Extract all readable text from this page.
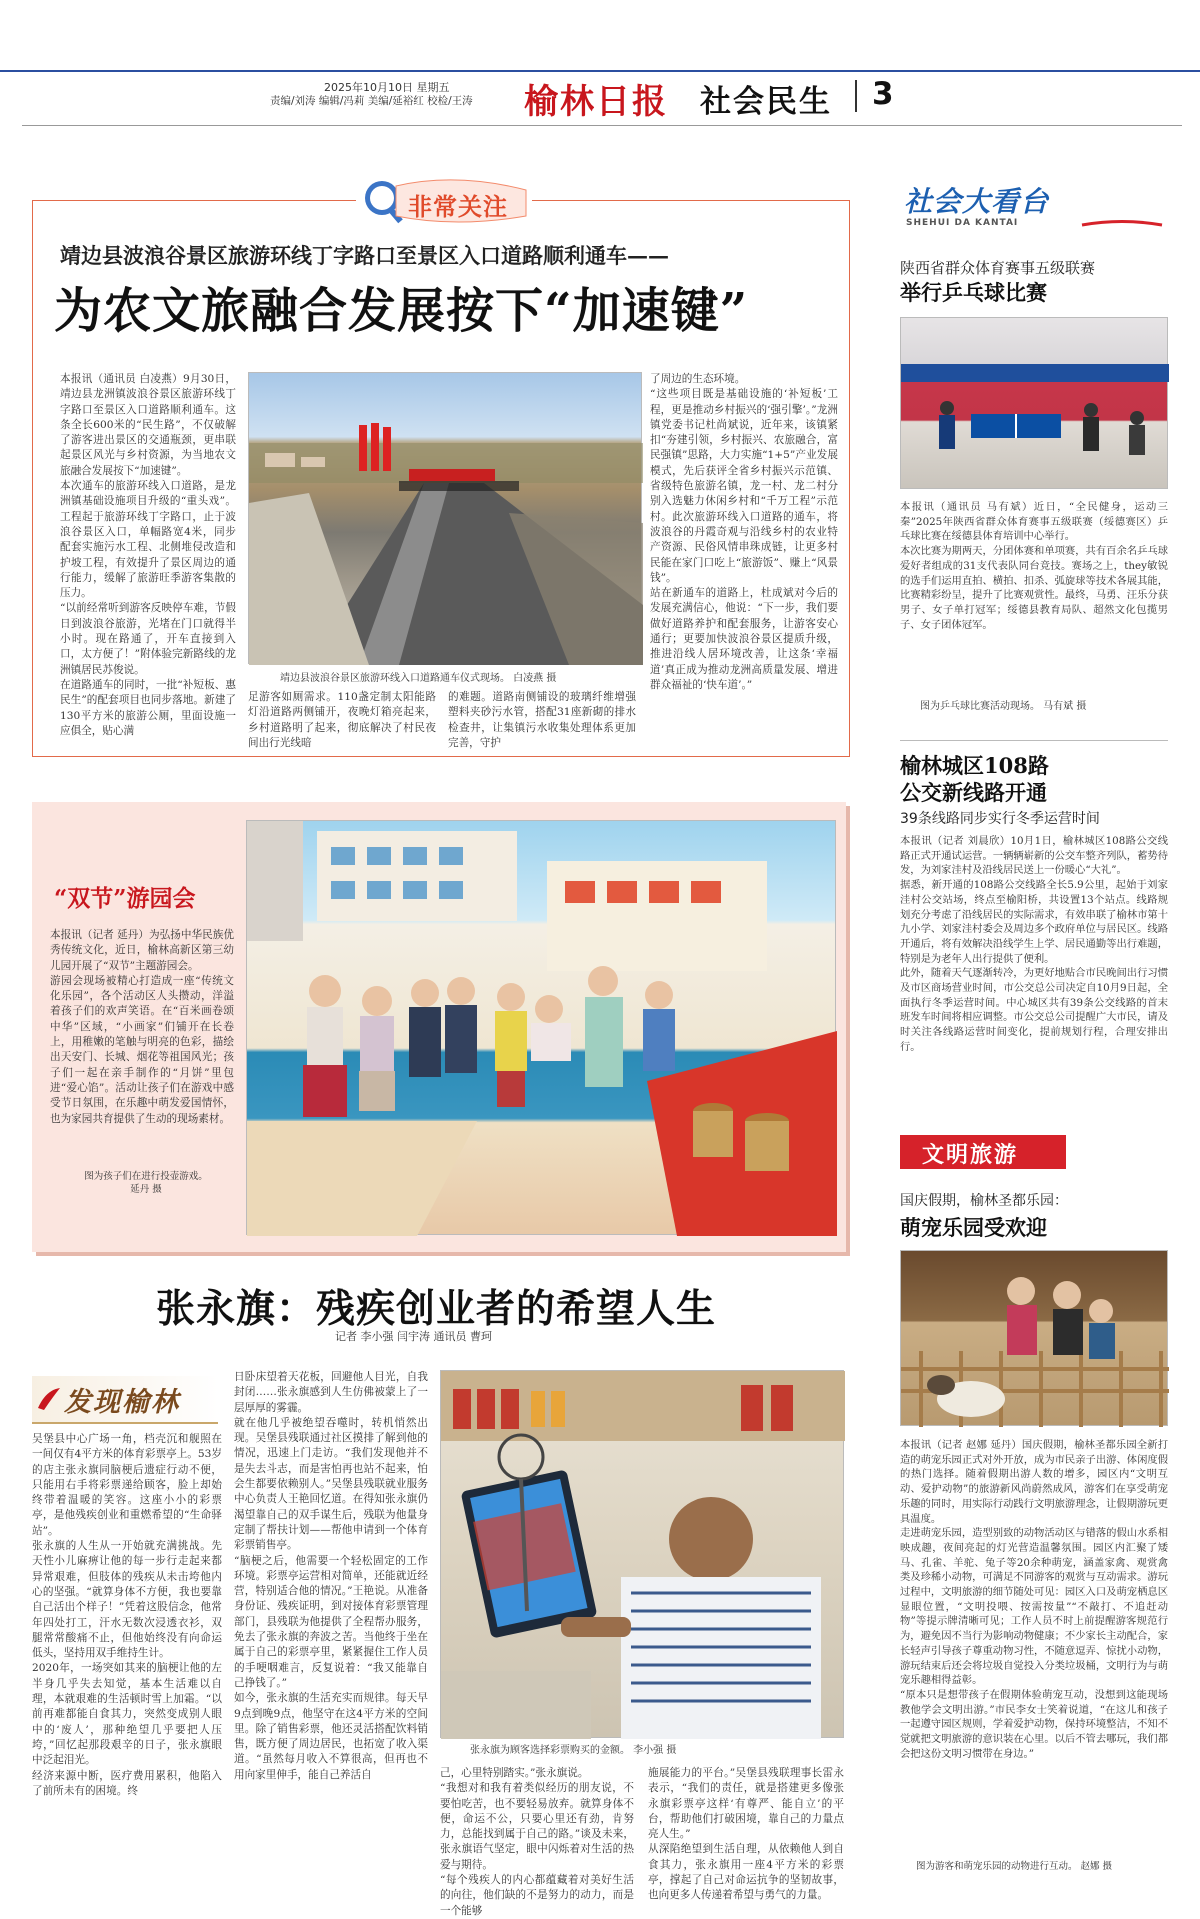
2025年10月10日 星期五
责编/刘涛 编辑/冯莉 美编/延裕红 校检/王涛 榆林日报 社会民生 3
非常关注
靖边县波浪谷景区旅游环线丁字路口至景区入口道路顺利通车——
为农文旅融合发展按下“加速键”
本报讯（通讯员 白凌燕）9月30日，靖边县龙洲镇波浪谷景区旅游环线丁字路口至景区入口道路顺利通车。这条全长600米的“民生路”，不仅破解了游客进出景区的交通瓶颈，更串联起景区风光与乡村资源，为当地农文旅融合发展按下“加速键”。
本次通车的旅游环线入口道路，是龙洲镇基础设施项目升级的“重头戏”。工程起于旅游环线丁字路口，止于波浪谷景区入口，单幅路宽4米，同步配套实施污水工程、北侧堆侵改造和护坡工程，有效提升了景区周边的通行能力，缓解了旅游旺季游客集散的压力。
“以前经常听到游客反映停车难，节假日到波浪谷旅游，光堵在门口就得半小时。现在路通了，开车直接到入口，太方便了！”附体验完新路线的龙洲镇居民苏俊说。
在道路通车的同时，一批“补短板、惠民生”的配套项目也同步落地。新建了130平方米的旅游公厕，里面设施一应俱全，贴心满
靖边县波浪谷景区旅游环线入口道路通车仪式现场。 白凌燕 摄
足游客如厕需求。110盏定制太阳能路灯沿道路两侧铺开，夜晚灯箱亮起来，乡村道路明了起来，彻底解决了村民夜间出行光线暗
的难题。道路南侧铺设的玻璃纤维增强塑料夹砂污水管，搭配31座新砌的排水检查井，让集镇污水收集处理体系更加完善，守护
了周边的生态环境。
“这些项目既是基础设施的‘补短板’工程，更是推动乡村振兴的‘强引擎’。”龙洲镇党委书记杜尚斌说，近年来，该镇紧扣“夯建引领，乡村振兴、农旅融合，富民强镇”思路，大力实施“1+5”产业发展模式，先后获评全省乡村振兴示范镇、省级特色旅游名镇，龙一村、龙二村分别入选魅力休闲乡村和“千万工程”示范村。此次旅游环线入口道路的通车，将波浪谷的丹霞奇观与沿线乡村的农业特产资源、民俗风情串珠成链，让更多村民能在家门口吃上“旅游饭”、赚上“风景钱”。
站在新通车的道路上，杜成斌对今后的发展充满信心，他说：“下一步，我们要做好道路养护和配套服务，让游客安心通行；更要加快波浪谷景区提质升级，推进沿线人居环境改善，让这条‘幸福道’真正成为推动龙洲高质量发展、增进群众福祉的‘快车道’。”
“双节”游园会
本报讯（记者 延丹）为弘扬中华民族优秀传统文化，近日，榆林高新区第三幼儿园开展了“双节”主题游园会。
游园会现场被精心打造成一座“传统文化乐园”，各个活动区人头攒动，洋溢着孩子们的欢声笑语。在“百米画卷颂中华”区域，“小画家”们铺开在长卷上，用稚嫩的笔触与明亮的色彩，描绘出天安门、长城、烟花等祖国风光；孩子们一起在亲手制作的“月饼”里包进“爱心馅”。活动让孩子们在游戏中感受节日氛围，在乐趣中萌发爱国情怀，也为家园共育提供了生动的现场素材。
图为孩子们在进行投壶游戏。
延丹 摄
张永旗：残疾创业者的希望人生
记者 李小强 闫宇涛 通讯员 曹珂
发现榆林
吴堡县中心广场一角，档壳沉和舰照在一间仅有4平方米的体育彩票亭上。53岁的店主张永旗同脑梗后遗症行动不便，只能用右手将彩票递给顾客，脸上却始终带着温暖的笑容。这座小小的彩票亭，是他残疾创业和重燃希望的“生命驿站”。
张永旗的人生从一开始就充满挑战。先天性小儿麻痹让他的每一步行走起来都异常艰难，但肢体的残疾从未击垮他内心的坚强。“就算身体不方便，我也要靠自己活出个样子！”凭着这股信念，他常年四处打工，汗水无数次浸透衣衫，双腿常常酸痛不止，但他始终没有向命运低头，坚持用双手维持生计。
2020年，一场突如其来的脑梗让他的左半身几乎失去知觉，基本生活难以自理，本就艰难的生活顿时雪上加霜。“以前再难都能自食其力，突然变成别人眼中的‘废人’，那种绝望几乎要把人压垮，”回忆起那段艰辛的日子，张永旗眼中泛起泪光。
经济来源中断，医疗费用累积，他陷入了前所未有的困境。终
日卧床望着天花板，回避他人目光，自我封闭……张永旗感到人生仿佛被蒙上了一层厚厚的雾霾。
就在他几乎被绝望吞噬时，转机悄然出现。吴堡县残联通过社区摸排了解到他的情况，迅速上门走访。“我们发现他并不是失去斗志，而是害怕再也站不起来，怕会生都要依赖别人。”吴堡县残联就业服务中心负责人王艳回忆道。在得知张永旗仍渴望靠自己的双手谋生后，残联为他量身定制了帮扶计划——帮他申请到一个体育彩票销售亭。
“脑梗之后，他需要一个轻松固定的工作环境。彩票亭运营相对简单，还能就近经营，特别适合他的情况。”王艳说。从准备身份证、残疾证明，到对接体育彩票管理部门，县残联为他提供了全程帮办服务，免去了张永旗的奔波之苦。当他终于坐在属于自己的彩票亭里，紧紧握住工作人员的手哽咽难言，反复说着：“我又能靠自己挣钱了。”
如今，张永旗的生活充实而规律。每天早9点到晚9点，他坚守在这4平方米的空间里。除了销售彩票，他还灵活搭配饮料销售，既方便了周边居民，也拓宽了收入渠道。“虽然每月收入不算很高，但再也不用向家里伸手，能自己养活自
张永旗为顾客选择彩票购买的金额。 李小强 摄
己，心里特别踏实。”张永旗说。
“我想对和我有着类似经历的朋友说，不要怕吃苦，也不要轻易放弃。就算身体不便，命运不公，只要心里还有劲，肯努力，总能找到属于自己的路。”谈及未来，张永旗语气坚定，眼中闪烁着对生活的热爱与期待。
“每个残疾人的内心都蕴藏着对美好生活的向往，他们缺的不是努力的动力，而是一个能够
施展能力的平台。”吴堡县残联理事长雷永表示，“我们的责任，就是搭建更多像张永旗彩票亭这样‘有尊严、能自立’的平台，帮助他们打破困境，靠自己的力量点亮人生。”
从深陷绝望到生活自理，从依赖他人到自食其力，张永旗用一座4平方米的彩票亭，撑起了自己对命运抗争的坚韧故事，也向更多人传递着希望与勇气的力量。
社会大看台
SHEHUI DA KANTAI
陕西省群众体育赛事五级联赛
举行乒乓球比赛
本报讯（通讯员 马有斌）近日，“全民健身，运动三秦”2025年陕西省群众体育赛事五级联赛（绥德赛区）乒乓球比赛在绥德县体育培训中心举行。
本次比赛为期两天，分团体赛和单项赛，共有百余名乒乓球爱好者组成的31支代表队同台竞技。赛场之上，they敏锐的选手们运用直拍、横拍、扣杀、弧旋球等技术各展其能，比赛精彩纷呈，提升了比赛观赏性。最终，马勇、汪乐分获男子、女子单打冠军；绥德县教育局队、超然文化包揽男子、女子团体冠军。
图为乒乓球比赛活动现场。 马有斌 摄
榆林城区108路
公交新线路开通
39条线路同步实行冬季运营时间
本报讯（记者 刘晨欣）10月1日，榆林城区108路公交线路正式开通试运营。一辆辆崭新的公交车整齐列队，蓄势待发，为刘家洼村及沿线居民送上一份暖心“大礼”。
据悉，新开通的108路公交线路全长5.9公里，起始于刘家洼村公交站场，终点至榆阳桥，共设置13个站点。线路规划充分考虑了沿线居民的实际需求，有效串联了榆林市第十九小学、刘家洼村委会及周边多个政府单位与居民区。线路开通后，将有效解决沿线学生上学、居民通勤等出行难题，特别是为老年人出行提供了便利。
此外，随着天气逐渐转冷，为更好地贴合市民晚间出行习惯及市区商场营业时间，市公交总公司决定自10月9日起，全面执行冬季运营时间。中心城区共有39条公交线路的首末班发车时间将相应调整。市公交总公司提醒广大市民，请及时关注各线路运营时间变化，提前规划行程，合理安排出行。
文明旅游
国庆假期，榆林圣都乐园：
萌宠乐园受欢迎
本报讯（记者 赵娜 延丹）国庆假期，榆林圣都乐园全新打造的萌宠乐园正式对外开放，成为市民亲子出游、体闲度假的热门选择。随着假期出游人数的增多，园区内“文明互动、爱护动物”的旅游新风尚蔚然成风，游客们在享受萌宠乐趣的同时，用实际行动践行文明旅游理念，让假期游玩更具温度。
走进萌宠乐园，造型别致的动物活动区与错落的假山水系相映成趣，夜间亮起的灯光营造温馨氛围。园区内汇聚了矮马、孔雀、羊驼、兔子等20余种萌宠，涵盖家禽、观赏禽类及珍稀小动物，可满足不同游客的观赏与互动需求。游玩过程中，文明旅游的细节随处可见：园区入口及萌宠栖息区显眼位置，“文明投喂、按需按量”“不敲打、不追赶动物”等提示牌清晰可见；工作人员不时上前提醒游客规范行为，避免因不当行为影响动物健康；不少家长主动配合，家长轻声引导孩子尊重动物习性，不随意逗弄、惊扰小动物，游玩结束后还会将垃圾自觉投入分类垃圾桶，文明行为与萌宠乐趣相得益彰。
“原本只是想带孩子在假期体验萌宠互动，没想到这能现场教他学会文明出游。”市民李女士笑着说道，“在这儿和孩子一起遵守园区规则，学着爱护动物，保持环境整洁，不知不觉就把文明旅游的意识装在心里。以后不管去哪玩，我们都会把这份文明习惯带在身边。”
图为游客和萌宠乐园的动物进行互动。 赵娜 摄
